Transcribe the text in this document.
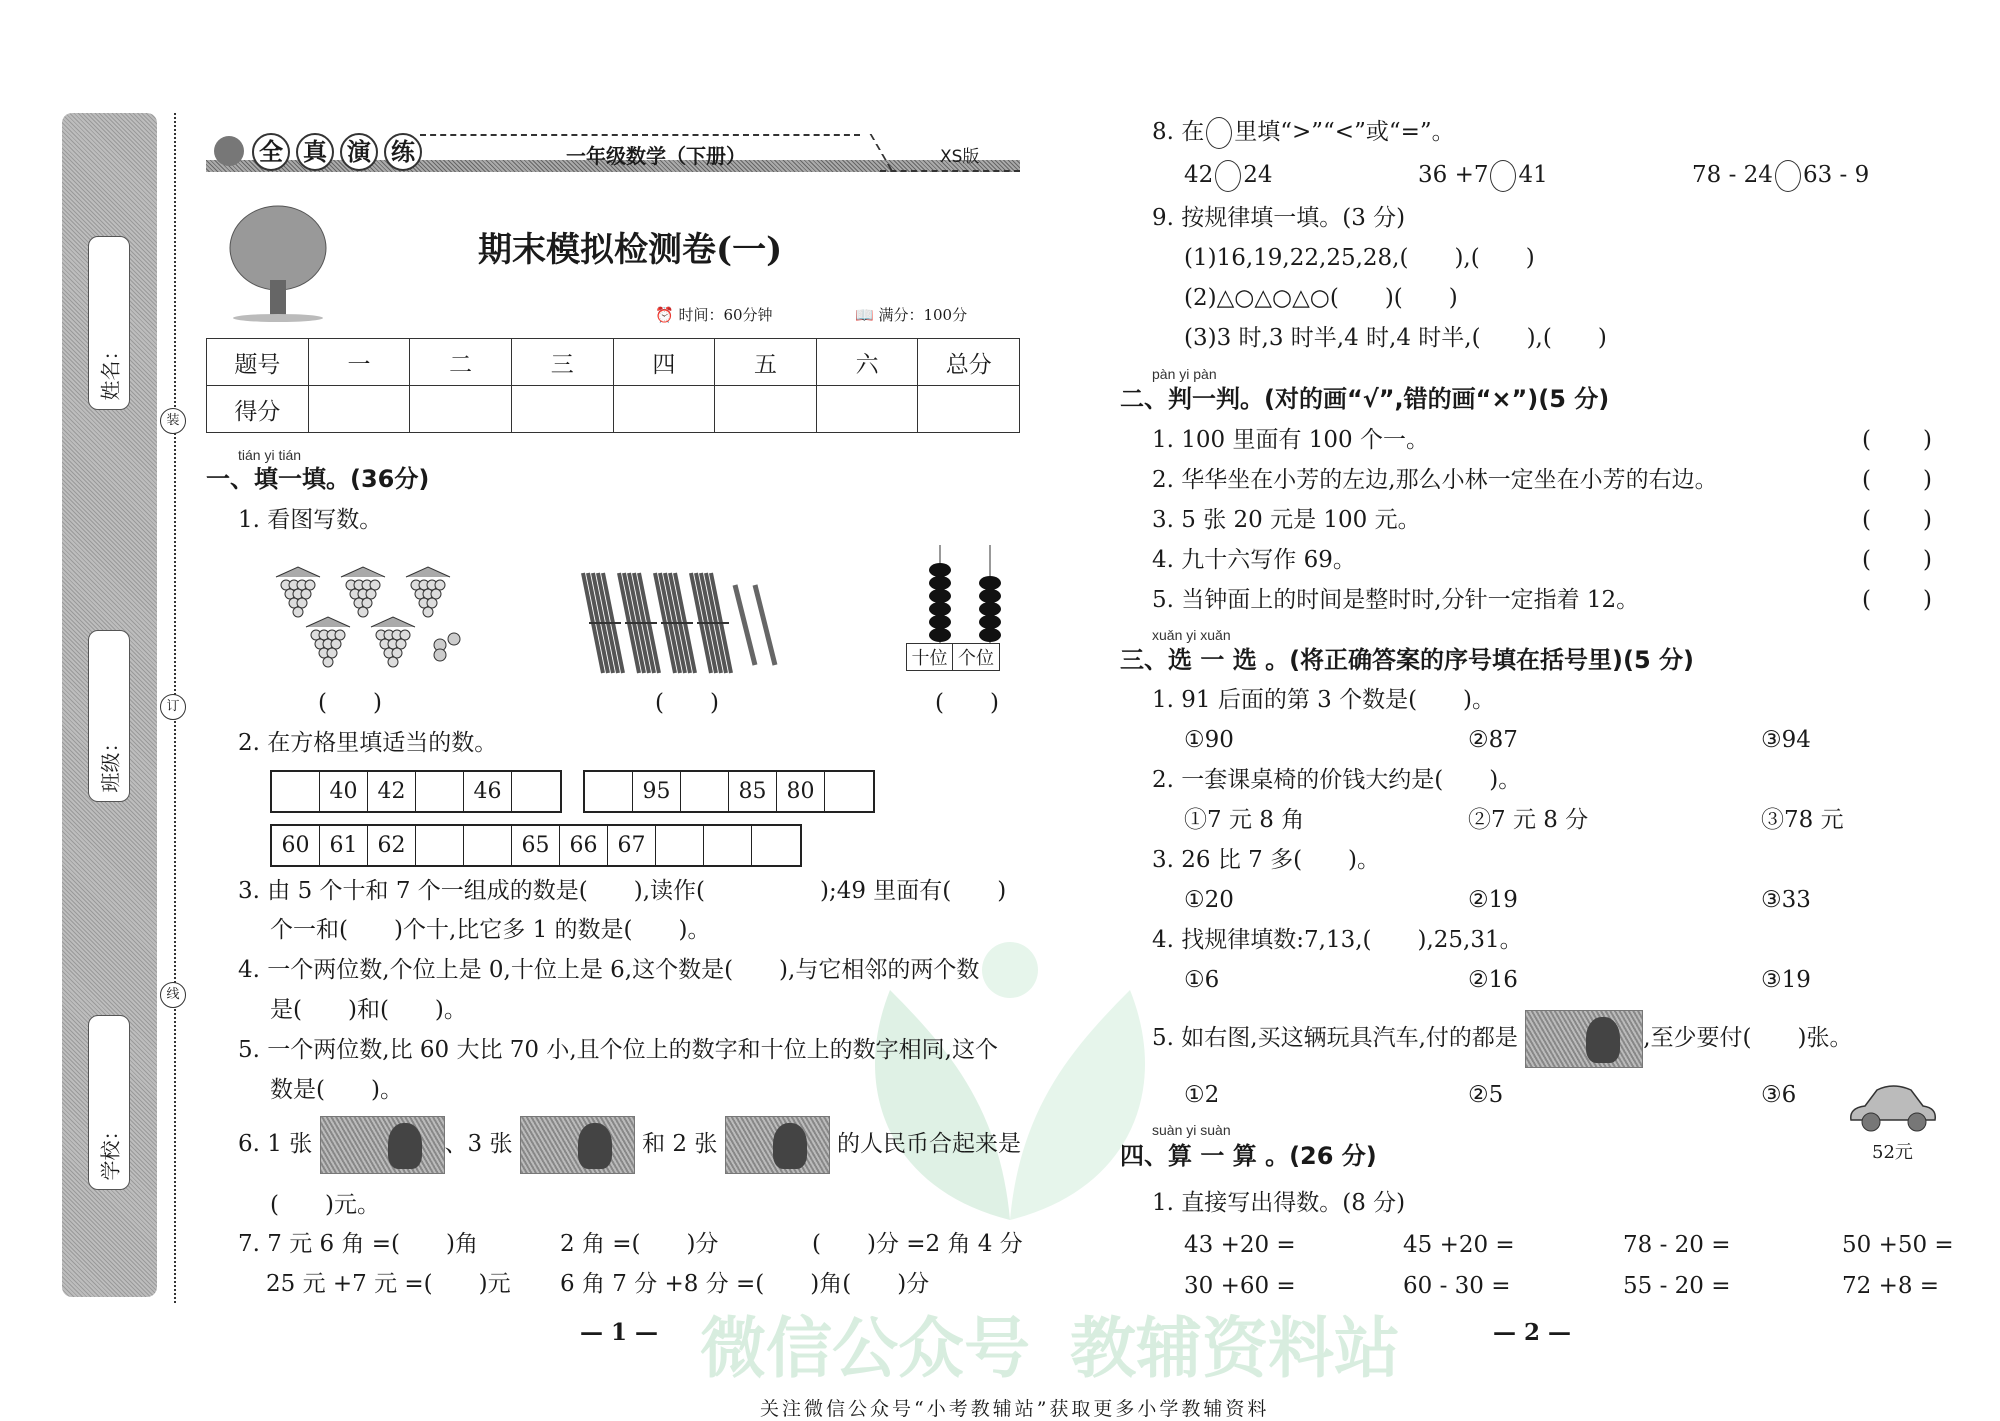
微信公众号 教辅资料站
姓名：
班级：
学校：
装
订
线
全 真 演 练	一年级数学（下册）	XS版
期末模拟检测卷(一)
⏰ 时间：60分钟	📖 满分：100分
题号	一	二	三	四	五	六	总分
得分							
tián yi tián
一、填一填。(36分)
1. 看图写数。
十位 个位
(　　)	(　　)	(　　)
2. 在方格里填适当的数。
40 42	46	95	85 80
60 61 62	65 66 67
3. 由 5 个十和 7 个一组成的数是(　　),读作(　　　　　);49 里面有(　　)
个一和(　　)个十,比它多 1 的数是(　　)。
4. 一个两位数,个位上是 0,十位上是 6,这个数是(　　),与它相邻的两个数
是(　　)和(　　)。
5. 一个两位数,比 60 大比 70 小,且个位上的数字和十位上的数字相同,这个
数是(　　)。
6. 1 张	、3 张	和 2 张	的人民币合起来是
(　　)元。
7. 7 元 6 角 =(　　)角	2 角 =(　　)分	(　　)分 =2 角 4 分
25 元 +7 元 =(　　)元 6 角 7 分 +8 分 =(　　)角(　　)分
— 1 —
8. 在 里填“>”“<”或“=”。
42 24	36 +7 41	78 - 24 63 - 9
9. 按规律填一填。(3 分)
(1)16,19,22,25,28,(　　),(　　)
(2)△○△○△○(　　)(　　)
(3)3 时,3 时半,4 时,4 时半,(　　),(　　)
pàn yi pàn
二、判一判。(对的画“√”,错的画“×”)(5 分)
1. 100 里面有 100 个一。	( )
2. 华华坐在小芳的左边,那么小林一定坐在小芳的右边。	( )
3. 5 张 20 元是 100 元。	( )
4. 九十六写作 69。	( )
5. 当钟面上的时间是整时时,分针一定指着 12。	( )
xuǎn yi xuǎn
三、选 一 选 。(将正确答案的序号填在括号里)(5 分)
1. 91 后面的第 3 个数是(　　)。
①90	②87	③94
2. 一套课桌椅的价钱大约是(　　)。
①7 元 8 角	②7 元 8 分	③78 元
3. 26 比 7 多(　　)。
①20	②19	③33
4. 找规律填数:7,13,(　　),25,31。
①6	②16	③19
5. 如右图,买这辆玩具汽车,付的都是	,至少要付(　　)张。
①2	②5	③6
52元
suàn yi suàn
四、算 一 算 。(26 分)
1. 直接写出得数。(8 分)
43 +20 =	45 +20 =	78 - 20 =	50 +50 =
30 +60 =	60 - 30 =	55 - 20 =	72 +8 =
— 2 —
关注微信公众号“小考教辅站”获取更多小学教辅资料
